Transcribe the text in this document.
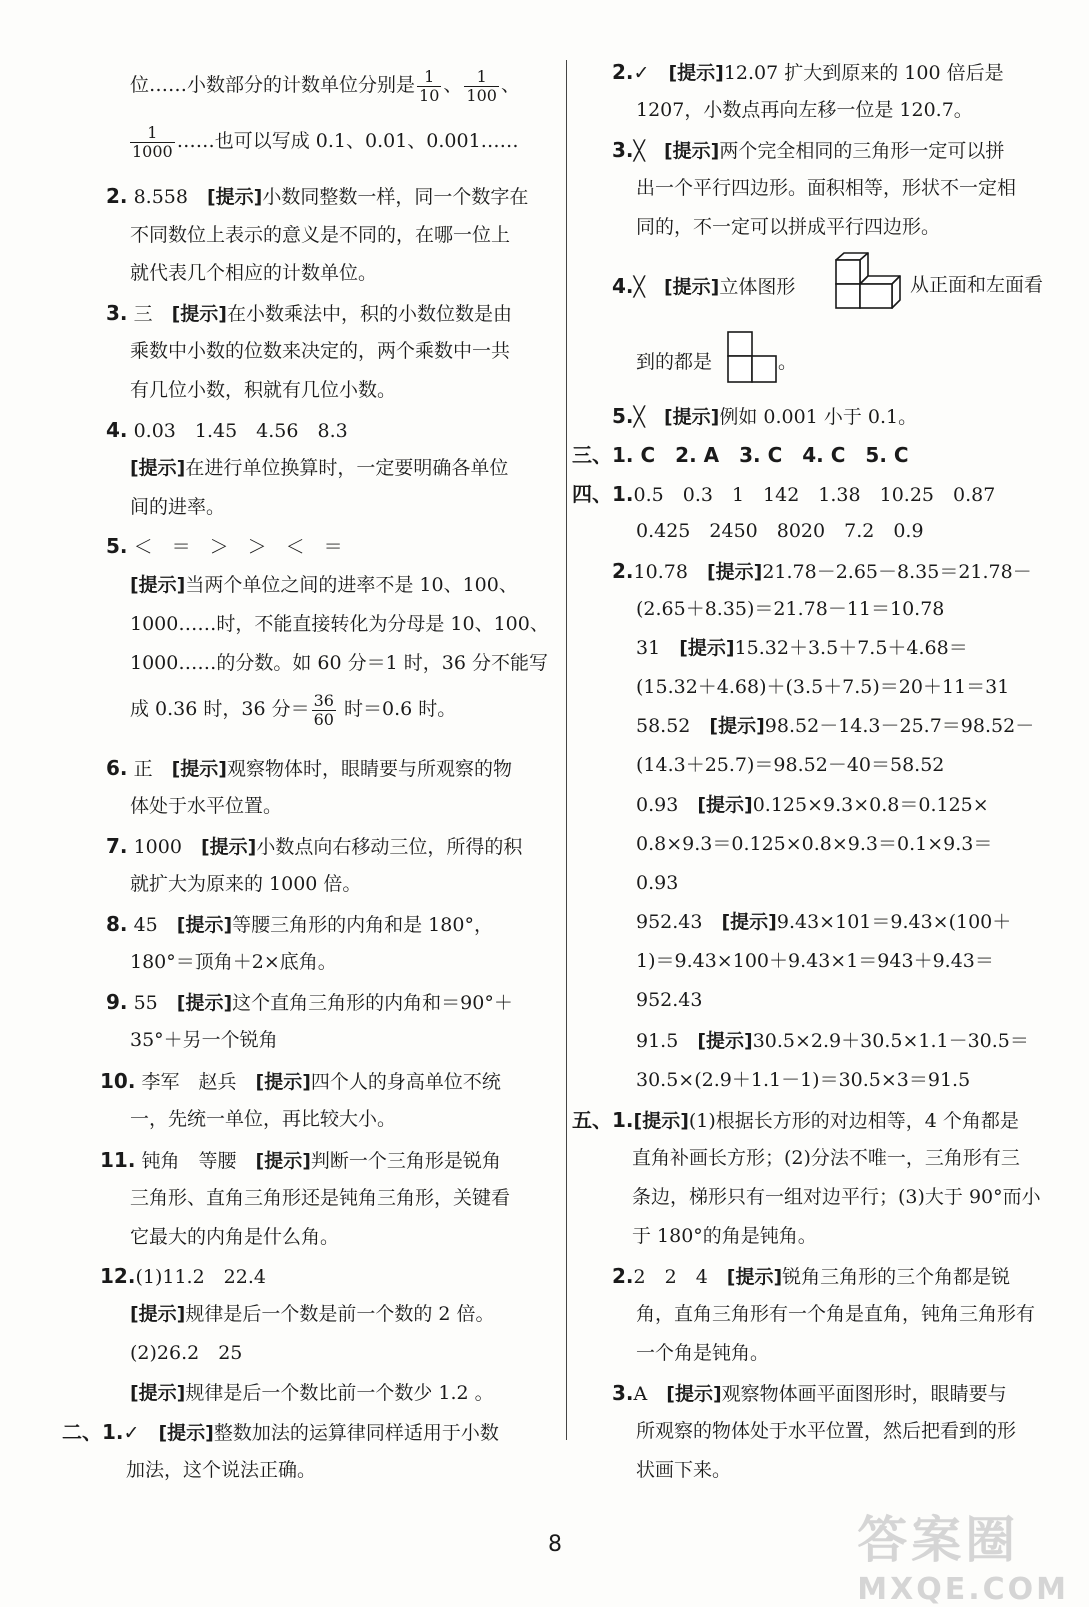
位……小数部分的计数单位分别是 $\frac{1}{10}$ 、 $\frac{1}{100}$ 、
$\frac{1}{1000}$ ……也可以写成 0.1、0.01、0.001……
2. 8.558　 [提示]小数同整数一样，同一个数字在
不同数位上表示的意义是不同的，在哪一位上
就代表几个相应的计数单位。
3. 三　 [提示]在小数乘法中，积的小数位数是由
乘数中小数的位数来决定的，两个乘数中一共
有几位小数，积就有几位小数。
4. 0.03　1.45　4.56　8.3
[提示]在进行单位换算时，一定要明确各单位
间的进率。
5. ＜　＝　＞　＞　＜　＝
[提示]当两个单位之间的进率不是 10、100、
1000……时，不能直接转化为分母是 10、100、
1000……的分数。如 60 分＝1 时，36 分不能写
成 0.36 时，36 分＝ $\frac{36}{60}$ 时＝0.6 时。
6. 正　 [提示]观察物体时，眼睛要与所观察的物
体处于水平位置。
7. 1000　 [提示]小数点向右移动三位，所得的积
就扩大为原来的 1000 倍。
8. 45　 [提示]等腰三角形的内角和是 180°，
180°＝顶角＋2×底角。
9. 55　 [提示]这个直角三角形的内角和＝90°＋
35°＋另一个锐角
10. 李军　赵兵　 [提示]四个人的身高单位不统
一，先统一单位，再比较大小。
11. 钝角　等腰　 [提示]判断一个三角形是锐角
三角形、直角三角形还是钝角三角形，关键看
它最大的内角是什么角。
12.(1)11.2　22.4
[提示]规律是后一个数是前一个数的 2 倍。
(2)26.2　25
[提示]规律是后一个数比前一个数少 1.2 。
二、1.✓　 [提示]整数加法的运算律同样适用于小数
加法，这个说法正确。
2.✓　 [提示]12.07 扩大到原来的 100 倍后是
1207，小数点再向左移一位是 120.7。
3.╳　 [提示]两个完全相同的三角形一定可以拼
出一个平行四边形。面积相等，形状不一定相
同的，不一定可以拼成平行四边形。
4.╳　 [提示]立体图形	从正面和左面看
到的都是	。
5.╳　 [提示]例如 0.001 小于 0.1。
三、1. C　2. A　3. C　4. C　5. C
四、1.0.5　0.3　1　142　1.38　10.25　0.87
0.425　2450　8020　7.2　0.9
2.10.78　 [提示]21.78－2.65－8.35＝21.78－
(2.65＋8.35)＝21.78－11＝10.78
31　 [提示]15.32＋3.5＋7.5＋4.68＝
(15.32＋4.68)＋(3.5＋7.5)＝20＋11＝31
58.52　 [提示]98.52－14.3－25.7＝98.52－
(14.3＋25.7)＝98.52－40＝58.52
0.93　 [提示]0.125×9.3×0.8＝0.125×
0.8×9.3＝0.125×0.8×9.3＝0.1×9.3＝
0.93
952.43　 [提示]9.43×101＝9.43×(100＋
1)＝9.43×100＋9.43×1＝943＋9.43＝
952.43
91.5　 [提示]30.5×2.9＋30.5×1.1－30.5＝
30.5×(2.9＋1.1－1)＝30.5×3＝91.5
五、1.[提示](1)根据长方形的对边相等，4 个角都是
直角补画长方形；(2)分法不唯一，三角形有三
条边，梯形只有一组对边平行；(3)大于 90°而小
于 180°的角是钝角。
2.2　2　4　 [提示]锐角三角形的三个角都是锐
角，直角三角形有一个角是直角，钝角三角形有
一个角是钝角。
3.A　 [提示]观察物体画平面图形时，眼睛要与
所观察的物体处于水平位置，然后把看到的形
状画下来。
8	答案圈
MXQE.COM
